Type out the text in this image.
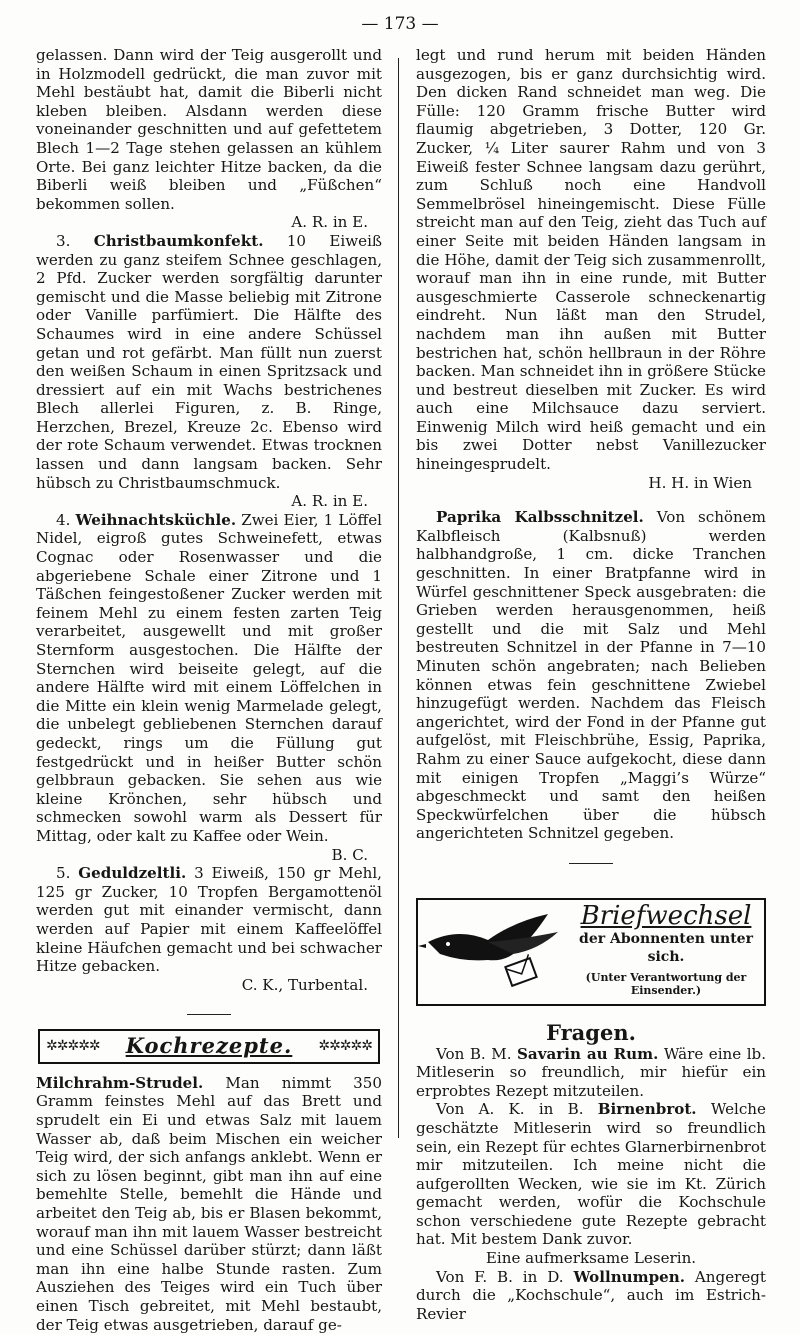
— 173 —

gelassen. Dann wird der Teig ausgerollt und in Holzmodell gedrückt, die man zuvor mit Mehl bestäubt hat, damit die Biberli nicht kleben bleiben. Alsdann werden diese voneinander geschnitten und auf gefettetem Blech 1—2 Tage stehen gelassen an kühlem Orte. Bei ganz leichter Hitze backen, da die Biberli weiß bleiben und „Füßchen“ bekommen sollen.

A. R. in E.

3. Christbaumkonfekt. 10 Eiweiß werden zu ganz steifem Schnee geschlagen, 2 Pfd. Zucker werden sorgfältig darunter gemischt und die Masse beliebig mit Zitrone oder Vanille parfümiert. Die Hälfte des Schaumes wird in eine andere Schüssel getan und rot gefärbt. Man füllt nun zuerst den weißen Schaum in einen Spritzsack und dressiert auf ein mit Wachs bestrichenes Blech allerlei Figuren, z. B. Ringe, Herzchen, Brezel, Kreuze 2c. Ebenso wird der rote Schaum verwendet. Etwas trocknen lassen und dann langsam backen. Sehr hübsch zu Christbaumschmuck.

A. R. in E.

4. Weihnachtsküchle. Zwei Eier, 1 Löffel Nidel, eigroß gutes Schweinefett, etwas Cognac oder Rosenwasser und die abgeriebene Schale einer Zitrone und 1 Täßchen feingestoßener Zucker werden mit feinem Mehl zu einem festen zarten Teig verarbeitet, ausgewellt und mit großer Sternform ausgestochen. Die Hälfte der Sternchen wird beiseite gelegt, auf die andere Hälfte wird mit einem Löffelchen in die Mitte ein klein wenig Marmelade gelegt, die unbelegt gebliebenen Sternchen darauf gedeckt, rings um die Füllung gut festgedrückt und in heißer Butter schön gelbbraun gebacken. Sie sehen aus wie kleine Krönchen, sehr hübsch und schmecken sowohl warm als Dessert für Mittag, oder kalt zu Kaffee oder Wein.

B. C.

5. Geduldzeltli. 3 Eiweiß, 150 gr Mehl, 125 gr Zucker, 10 Tropfen Bergamottenöl werden gut mit einander vermischt, dann werden auf Papier mit einem Kaffeelöffel kleine Häufchen gemacht und bei schwacher Hitze gebacken.

C. K., Turbental.

✲✲✲✲✲ Kochrezepte. ✲✲✲✲✲

Milchrahm-Strudel. Man nimmt 350 Gramm feinstes Mehl auf das Brett und sprudelt ein Ei und etwas Salz mit lauem Wasser ab, daß beim Mischen ein weicher Teig wird, der sich anfangs anklebt. Wenn er sich zu lösen beginnt, gibt man ihn auf eine bemehlte Stelle, bemehlt die Hände und arbeitet den Teig ab, bis er Blasen bekommt, worauf man ihn mit lauem Wasser bestreicht und eine Schüssel darüber stürzt; dann läßt man ihn eine halbe Stunde rasten. Zum Ausziehen des Teiges wird ein Tuch über einen Tisch gebreitet, mit Mehl bestaubt, der Teig etwas ausgetrieben, darauf ge-

legt und rund herum mit beiden Händen ausgezogen, bis er ganz durchsichtig wird. Den dicken Rand schneidet man weg. Die Fülle: 120 Gramm frische Butter wird flaumig abgetrieben, 3 Dotter, 120 Gr. Zucker, ¼ Liter saurer Rahm und von 3 Eiweiß fester Schnee langsam dazu gerührt, zum Schluß noch eine Handvoll Semmelbrösel hineingemischt. Diese Fülle streicht man auf den Teig, zieht das Tuch auf einer Seite mit beiden Händen langsam in die Höhe, damit der Teig sich zusammenrollt, worauf man ihn in eine runde, mit Butter ausgeschmierte Casserole schneckenartig eindreht. Nun läßt man den Strudel, nachdem man ihn außen mit Butter bestrichen hat, schön hellbraun in der Röhre backen. Man schneidet ihn in größere Stücke und bestreut dieselben mit Zucker. Es wird auch eine Milchsauce dazu serviert. Einwenig Milch wird heiß gemacht und ein bis zwei Dotter nebst Vanillezucker hineingesprudelt.

H. H. in Wien

Paprika Kalbsschnitzel. Von schönem Kalbfleisch (Kalbsnuß) werden halbhandgroße, 1 cm. dicke Tranchen geschnitten. In einer Bratpfanne wird in Würfel geschnittener Speck ausgebraten: die Grieben werden herausgenommen, heiß gestellt und die mit Salz und Mehl bestreuten Schnitzel in der Pfanne in 7—10 Minuten schön angebraten; nach Belieben können etwas fein geschnittene Zwiebel hinzugefügt werden. Nachdem das Fleisch angerichtet, wird der Fond in der Pfanne gut aufgelöst, mit Fleischbrühe, Essig, Paprika, Rahm zu einer Sauce aufgekocht, diese dann mit einigen Tropfen „Maggi’s Würze“ abgeschmeckt und samt den heißen Speckwürfelchen über die hübsch angerichteten Schnitzel gegeben.

Briefwechsel
der Abonnenten unter sich.
(Unter Verantwortung der Einsender.)
Fragen.

Von B. M. Savarin au Rum. Wäre eine lb. Mitleserin so freundlich, mir hiefür ein erprobtes Rezept mitzuteilen.

Von A. K. in B. Birnenbrot. Welche geschätzte Mitleserin wird so freundlich sein, ein Rezept für echtes Glarnerbirnenbrot mir mitzuteilen. Ich meine nicht die aufgerollten Wecken, wie sie im Kt. Zürich gemacht werden, wofür die Kochschule schon verschiedene gute Rezepte gebracht hat. Mit bestem Dank zuvor.

Eine aufmerksame Leserin.

Von F. B. in D. Wollnumpen. Angeregt durch die „Kochschule“, auch im Estrich-Revier
